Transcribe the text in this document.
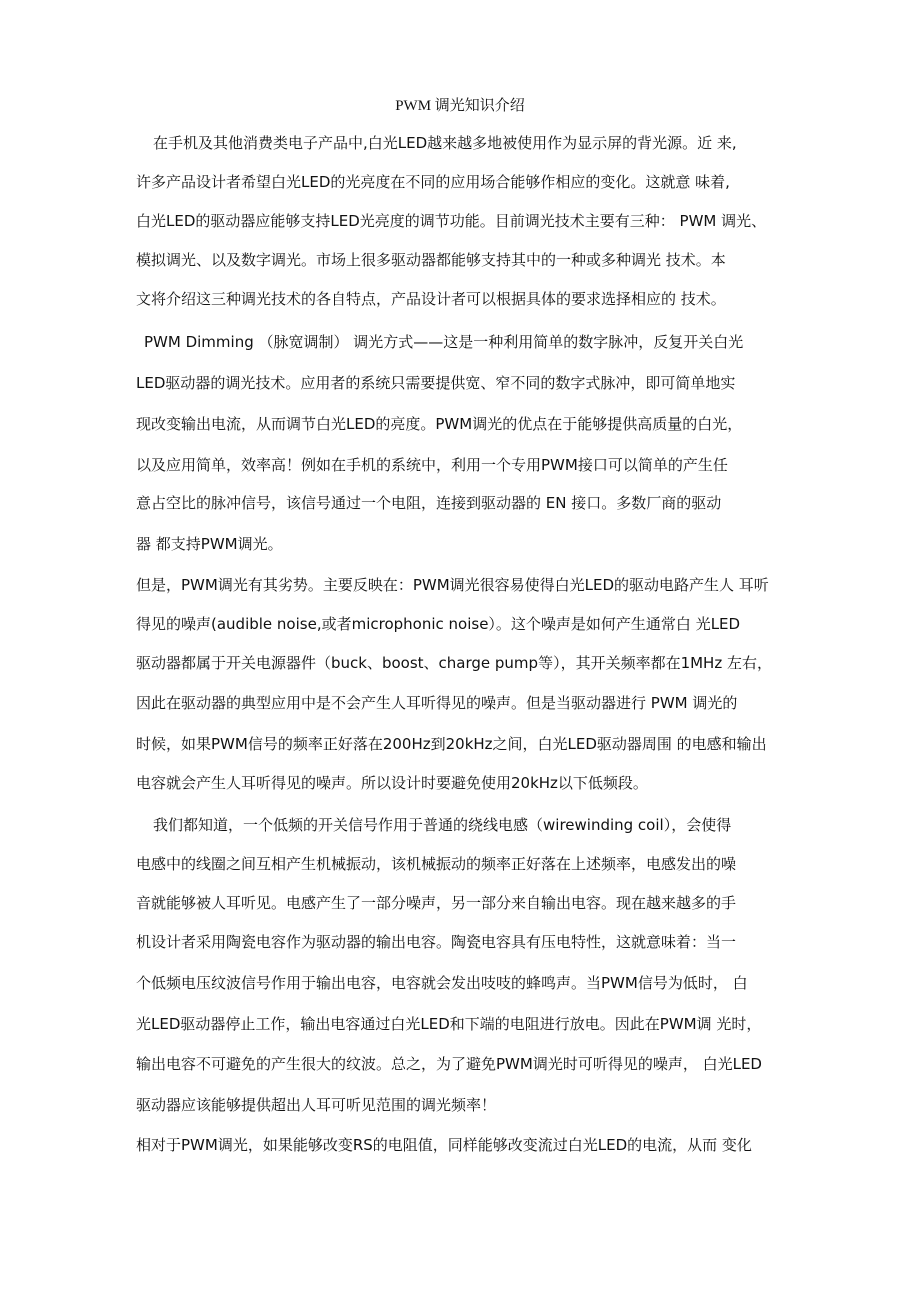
PWM 调光知识介绍
在手机及其他消费类电子产品中,白光LED越来越多地被使用作为显示屏的背光源。近 来,
许多产品设计者希望白光LED的光亮度在不同的应用场合能够作相应的变化。这就意 味着,
白光LED的驱动器应能够支持LED光亮度的调节功能。目前调光技术主要有三种： PWM 调光、
模拟调光、以及数字调光。市场上很多驱动器都能够支持其中的一种或多种调光 技术。本
文将介绍这三种调光技术的各自特点，产品设计者可以根据具体的要求选择相应的 技术。
PWM Dimming （脉宽调制） 调光方式——这是一种利用简单的数字脉冲，反复开关白光
LED驱动器的调光技术。应用者的系统只需要提供宽、窄不同的数字式脉冲，即可简单地实
现改变输出电流，从而调节白光LED的亮度。PWM调光的优点在于能够提供高质量的白光，
以及应用简单，效率高！例如在手机的系统中，利用一个专用PWM接口可以简单的产生任
意占空比的脉冲信号，该信号通过一个电阻，连接到驱动器的 EN 接口。多数厂商的驱动
器 都支持PWM调光。
但是，PWM调光有其劣势。主要反映在：PWM调光很容易使得白光LED的驱动电路产生人 耳听
得见的噪声(audible noise,或者microphonic noise）。这个噪声是如何产生通常白 光LED
驱动器都属于开关电源器件（buck、boost、charge pump等），其开关频率都在1MHz 左右，
因此在驱动器的典型应用中是不会产生人耳听得见的噪声。但是当驱动器进行 PWM 调光的
时候，如果PWM信号的频率正好落在200Hz到20kHz之间，白光LED驱动器周围 的电感和输出
电容就会产生人耳听得见的噪声。所以设计时要避免使用20kHz以下低频段。
我们都知道，一个低频的开关信号作用于普通的绕线电感（wirewinding coil），会使得
电感中的线圈之间互相产生机械振动，该机械振动的频率正好落在上述频率，电感发出的噪
音就能够被人耳听见。电感产生了一部分噪声，另一部分来自输出电容。现在越来越多的手
机设计者采用陶瓷电容作为驱动器的输出电容。陶瓷电容具有压电特性，这就意味着：当一
个低频电压纹波信号作用于输出电容，电容就会发出吱吱的蜂鸣声。当PWM信号为低时， 白
光LED驱动器停止工作，输出电容通过白光LED和下端的电阻进行放电。因此在PWM调 光时，
输出电容不可避免的产生很大的纹波。总之，为了避免PWM调光时可听得见的噪声， 白光LED
驱动器应该能够提供超出人耳可听见范围的调光频率！
相对于PWM调光，如果能够改变RS的电阻值，同样能够改变流过白光LED的电流，从而 变化
